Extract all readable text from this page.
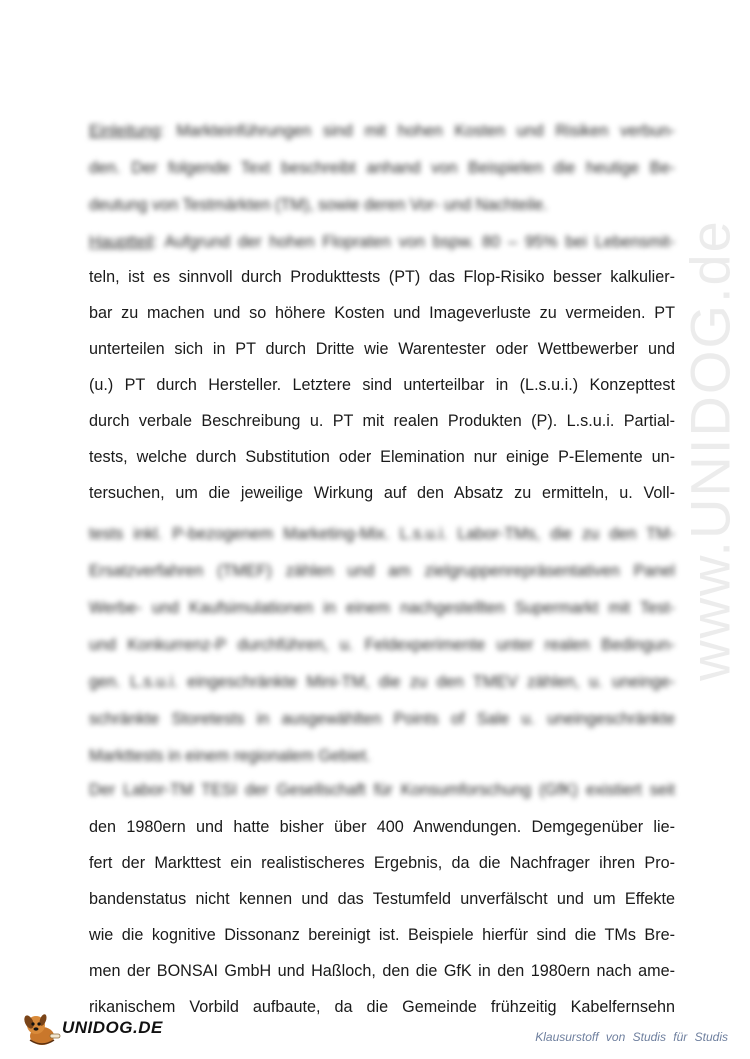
www.UNIDOG.de
Einleitung: Markteinführungen sind mit hohen Kosten und Risiken verbun-
den. Der folgende Text beschreibt anhand von Beispielen die heutige Be-
deutung von Testmärkten (TM), sowie deren Vor- und Nachteile.
Hauptteil: Aufgrund der hohen Flopraten von bspw. 80 – 95% bei Lebensmit-
teln, ist es sinnvoll durch Produkttests (PT) das Flop-Risiko besser kalkulier-
bar zu machen und so höhere Kosten und Imageverluste zu vermeiden. PT
unterteilen sich in PT durch Dritte wie Warentester oder Wettbewerber und
(u.) PT durch Hersteller. Letztere sind unterteilbar in (L.s.u.i.) Konzepttest
durch verbale Beschreibung u. PT mit realen Produkten (P). L.s.u.i. Partial-
tests, welche durch Substitution oder Elemination nur einige P-Elemente un-
tersuchen, um die jeweilige Wirkung auf den Absatz zu ermitteln, u. Voll-
tests inkl. P-bezogenem Marketing-Mix. L.s.u.i. Labor-TMs, die zu den TM-
Ersatzverfahren (TMEF) zählen und am zielgruppenrepräsentativen Panel
Werbe- und Kaufsimulationen in einem nachgestellten Supermarkt mit Test-
und Konkurrenz-P durchführen, u. Feldexperimente unter realen Bedingun-
gen. L.s.u.i. eingeschränkte Mini-TM, die zu den TMEV zählen, u. uneinge-
schränkte Storetests in ausgewählten Points of Sale u. uneingeschränkte
Markttests in einem regionalem Gebiet.
Der Labor-TM TESI der Gesellschaft für Konsumforschung (GfK) existiert seit
den 1980ern und hatte bisher über 400 Anwendungen. Demgegenüber lie-
fert der Markttest ein realistischeres Ergebnis, da die Nachfrager ihren Pro-
bandenstatus nicht kennen und das Testumfeld unverfälscht und um Effekte
wie die kognitive Dissonanz bereinigt ist. Beispiele hierfür sind die TMs Bre-
men der BONSAI GmbH und Haßloch, den die GfK in den 1980ern nach ame-
rikanischem Vorbild aufbaute, da die Gemeinde frühzeitig Kabelfernsehn
UNIDOG.DE	Klausurstoff von Studis für Studis
